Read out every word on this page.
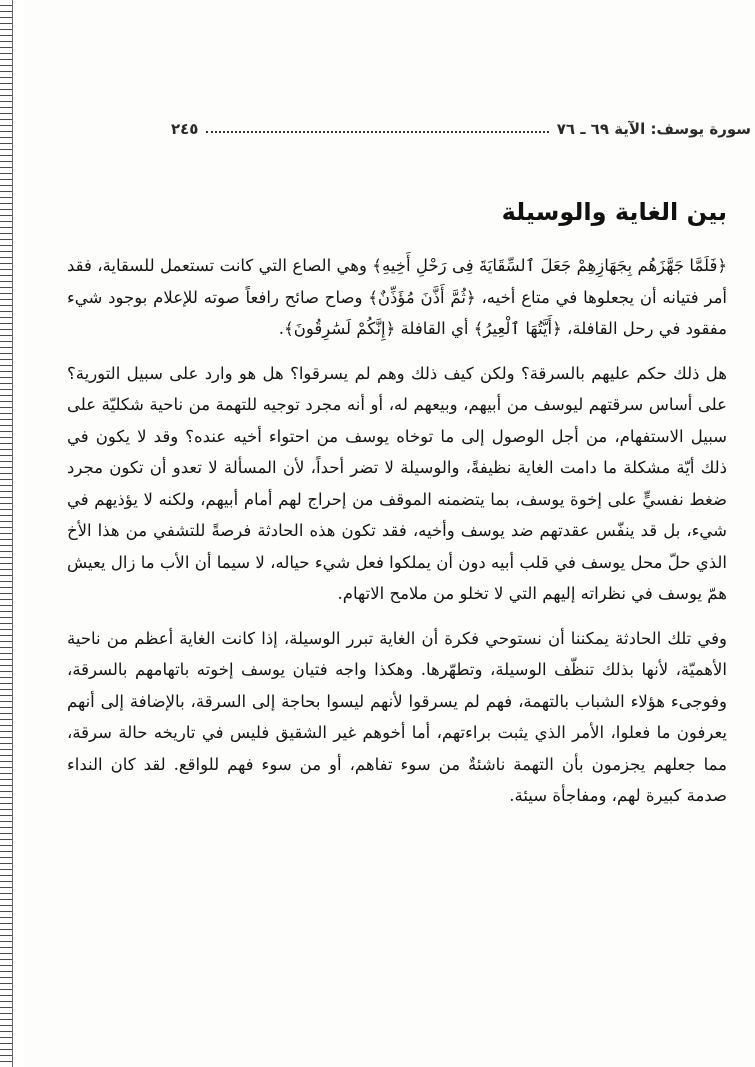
سورة يوسف: الآية ٦٩ ـ ٧٦
٢٤٥
بين الغاية والوسيلة

﴿فَلَمَّا جَهَّزَهُم بِجَهَازِهِمْ جَعَلَ ٱلسِّقَايَةَ فِى رَحْلِ أَخِيهِ﴾ وهي الصاع التي كانت تستعمل للسقاية، فقد أمر فتيانه أن يجعلوها في متاع أخيه، ﴿ثُمَّ أَذَّنَ مُؤَذِّنٌ﴾ وصاح صائح رافعاً صوته للإعلام بوجود شيء مفقود في رحل القافلة، ﴿أَيَّتُهَا ٱلْعِيرُ﴾ أي القافلة ﴿إِنَّكُمْ لَسَٰرِقُونَ﴾.

هل ذلك حكم عليهم بالسرقة؟ ولكن كيف ذلك وهم لم يسرقوا؟ هل هو وارد على سبيل التورية؟ على أساس سرقتهم ليوسف من أبيهم، وبيعهم له، أو أنه مجرد توجيه للتهمة من ناحية شكليّة على سبيل الاستفهام، من أجل الوصول إلى ما توخاه يوسف من احتواء أخيه عنده؟ وقد لا يكون في ذلك أيّة مشكلة ما دامت الغاية نظيفةً، والوسيلة لا تضر أحداً، لأن المسألة لا تعدو أن تكون مجرد ضغط نفسيٍّ على إخوة يوسف، بما يتضمنه الموقف من إحراج لهم أمام أبيهم، ولكنه لا يؤذيهم في شيء، بل قد ينفّس عقدتهم ضد يوسف وأخيه، فقد تكون هذه الحادثة فرصةً للتشفي من هذا الأخ الذي حلّ محل يوسف في قلب أبيه دون أن يملكوا فعل شيء حياله، لا سيما أن الأب ما زال يعيش همّ يوسف في نظراته إليهم التي لا تخلو من ملامح الاتهام.

وفي تلك الحادثة يمكننا أن نستوحي فكرة أن الغاية تبرر الوسيلة، إذا كانت الغاية أعظم من ناحية الأهميّة، لأنها بذلك تنظّف الوسيلة، وتطهّرها. وهكذا واجه فتيان يوسف إخوته باتهامهم بالسرقة، وفوجىء هؤلاء الشباب بالتهمة، فهم لم يسرقوا لأنهم ليسوا بحاجة إلى السرقة، بالإضافة إلى أنهم يعرفون ما فعلوا، الأمر الذي يثبت براءتهم، أما أخوهم غير الشقيق فليس في تاريخه حالة سرقة، مما جعلهم يجزمون بأن التهمة ناشئةٌ من سوء تفاهم، أو من سوء فهم للواقع. لقد كان النداء صدمة كبيرة لهم، ومفاجأة سيئة.
